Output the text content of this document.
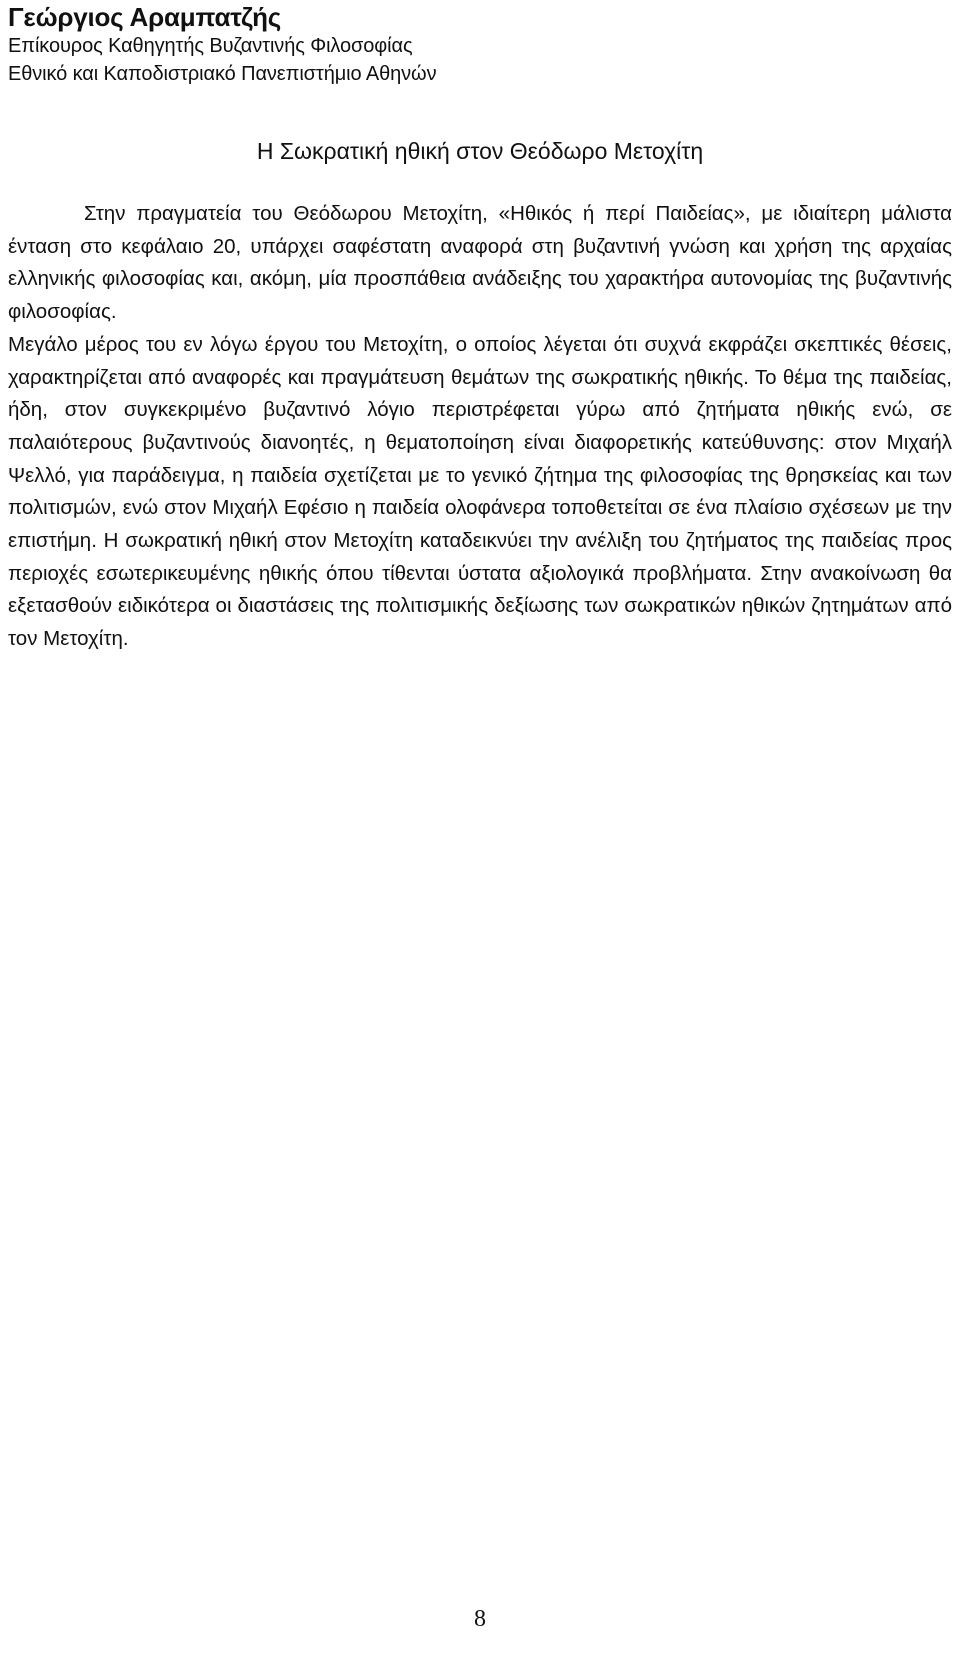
Γεώργιος Αραμπατζής

Επίκουρος Καθηγητής Βυζαντινής Φιλοσοφίας

Εθνικό και Καποδιστριακό Πανεπιστήμιο Αθηνών

Η Σωκρατική ηθική στον Θεόδωρο Μετοχίτη

Στην πραγματεία του Θεόδωρου Μετοχίτη, «Ηθικός ή περί Παιδείας», με ιδιαίτερη μάλιστα ένταση στο κεφάλαιο 20, υπάρχει σαφέστατη αναφορά στη βυζαντινή γνώση και χρήση της αρχαίας ελληνικής φιλοσοφίας και, ακόμη, μία προσπάθεια ανάδειξης του χαρακτήρα αυτονομίας της βυζαντινής φιλοσοφίας.

Μεγάλο μέρος του εν λόγω έργου του Μετοχίτη, ο οποίος λέγεται ότι συχνά εκφράζει σκεπτικές θέσεις, χαρακτηρίζεται από αναφορές και πραγμάτευση θεμάτων της σωκρατικής ηθικής. Το θέμα της παιδείας, ήδη, στον συγκεκριμένο βυζαντινό λόγιο περιστρέφεται γύρω από ζητήματα ηθικής ενώ, σε παλαιότερους βυζαντινούς διανοητές, η θεματοποίηση είναι διαφορετικής κατεύθυνσης: στον Μιχαήλ Ψελλό, για παράδειγμα, η παιδεία σχετίζεται με το γενικό ζήτημα της φιλοσοφίας της θρησκείας και των πολιτισμών, ενώ στον Μιχαήλ Εφέσιο η παιδεία ολοφάνερα τοποθετείται σε ένα πλαίσιο σχέσεων με την επιστήμη. Η σωκρατική ηθική στον Μετοχίτη καταδεικνύει την ανέλιξη του ζητήματος της παιδείας προς περιοχές εσωτερικευμένης ηθικής όπου τίθενται ύστατα αξιολογικά προβλήματα. Στην ανακοίνωση θα εξετασθούν ειδικότερα οι διαστάσεις της πολιτισμικής δεξίωσης των σωκρατικών ηθικών ζητημάτων από τον Μετοχίτη.

8
